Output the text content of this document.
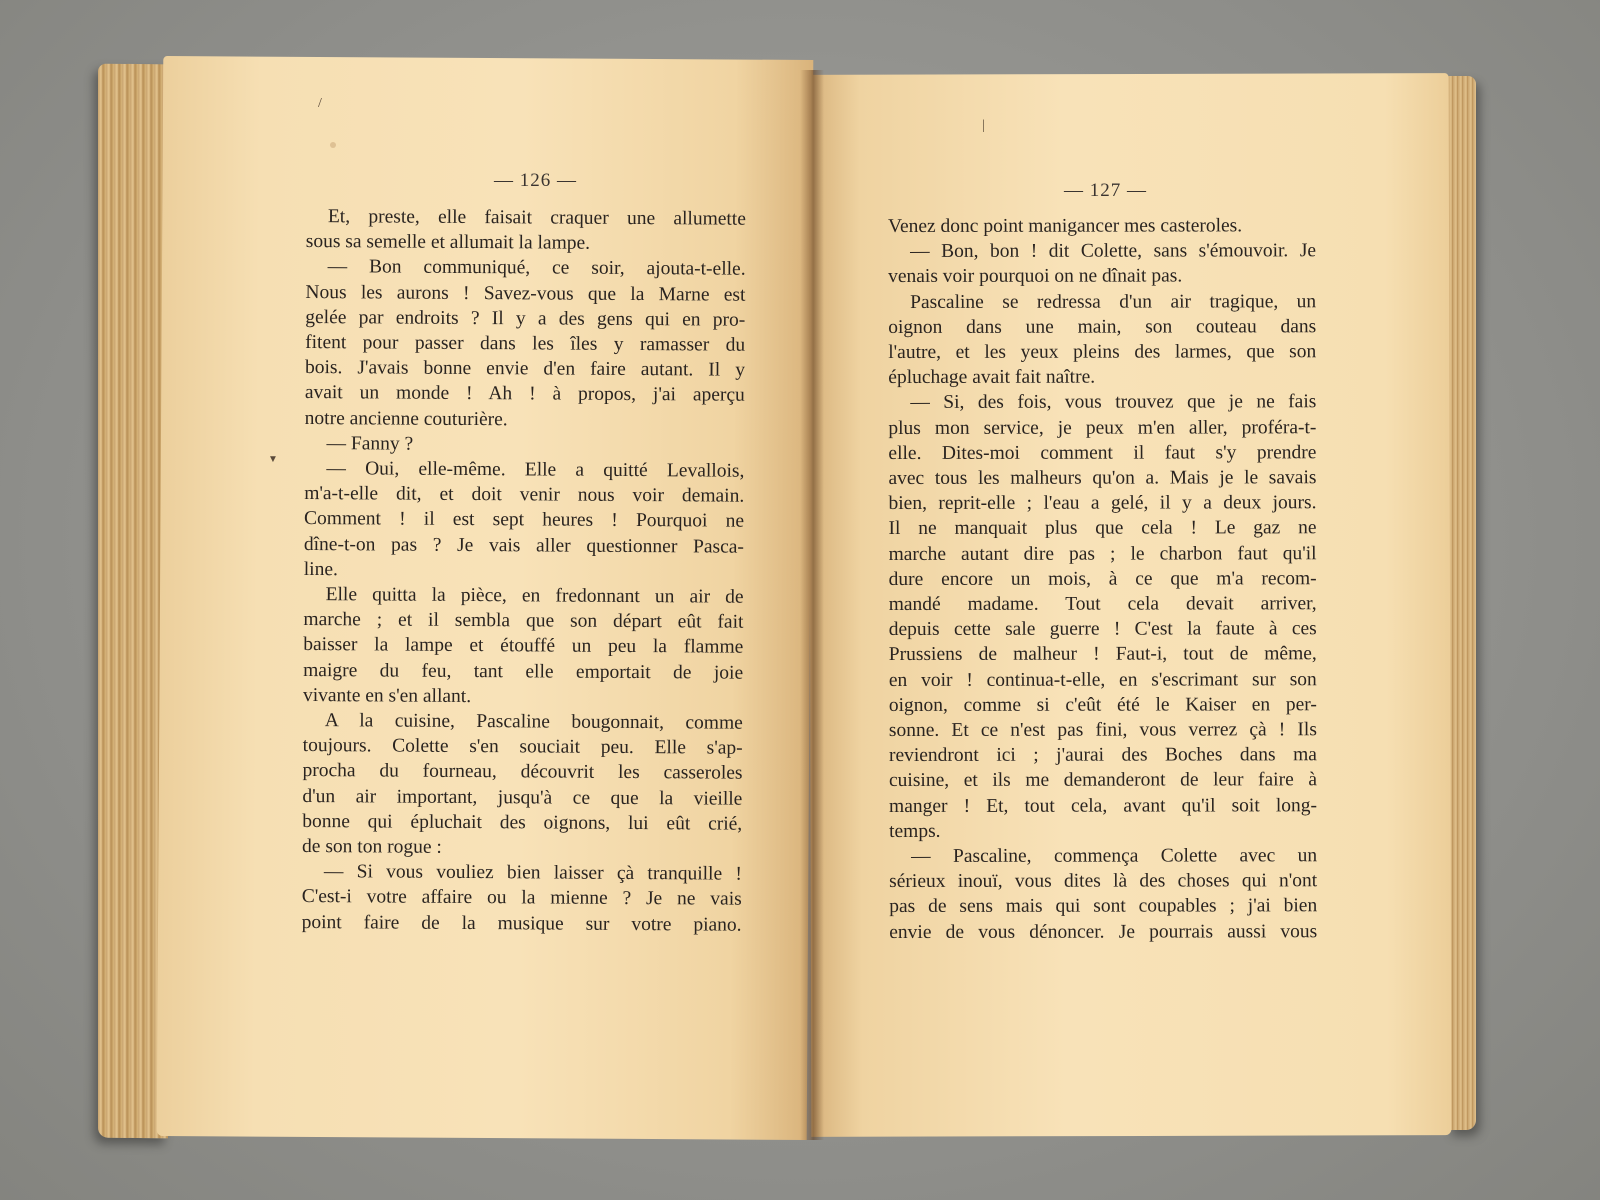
/
▼
|
— 126 —	— 127 —
Et, preste, elle faisait craquer une allumette
sous sa semelle et allumait la lampe.
— Bon communiqué, ce soir, ajouta-t-elle.
Nous les aurons ! Savez-vous que la Marne est
gelée par endroits ? Il y a des gens qui en pro-
fitent pour passer dans les îles y ramasser du
bois. J'avais bonne envie d'en faire autant. Il y
avait un monde ! Ah ! à propos, j'ai aperçu
notre ancienne couturière.
— Fanny ?
— Oui, elle-même. Elle a quitté Levallois,
m'a-t-elle dit, et doit venir nous voir demain.
Comment ! il est sept heures ! Pourquoi ne
dîne-t-on pas ? Je vais aller questionner Pasca-
line.
Elle quitta la pièce, en fredonnant un air de
marche ; et il sembla que son départ eût fait
baisser la lampe et étouffé un peu la flamme
maigre du feu, tant elle emportait de joie
vivante en s'en allant.
A la cuisine, Pascaline bougonnait, comme
toujours. Colette s'en souciait peu. Elle s'ap-
procha du fourneau, découvrit les casseroles
d'un air important, jusqu'à ce que la vieille
bonne qui épluchait des oignons, lui eût crié,
de son ton rogue :
— Si vous vouliez bien laisser çà tranquille !
C'est-i votre affaire ou la mienne ? Je ne vais
point faire de la musique sur votre piano.
Venez donc point manigancer mes casteroles.
— Bon, bon ! dit Colette, sans s'émouvoir. Je
venais voir pourquoi on ne dînait pas.
Pascaline se redressa d'un air tragique, un
oignon dans une main, son couteau dans
l'autre, et les yeux pleins des larmes, que son
épluchage avait fait naître.
— Si, des fois, vous trouvez que je ne fais
plus mon service, je peux m'en aller, proféra-t-
elle. Dites-moi comment il faut s'y prendre
avec tous les malheurs qu'on a. Mais je le savais
bien, reprit-elle ; l'eau a gelé, il y a deux jours.
Il ne manquait plus que cela ! Le gaz ne
marche autant dire pas ; le charbon faut qu'il
dure encore un mois, à ce que m'a recom-
mandé madame. Tout cela devait arriver,
depuis cette sale guerre ! C'est la faute à ces
Prussiens de malheur ! Faut-i, tout de même,
en voir ! continua-t-elle, en s'escrimant sur son
oignon, comme si c'eût été le Kaiser en per-
sonne. Et ce n'est pas fini, vous verrez çà ! Ils
reviendront ici ; j'aurai des Boches dans ma
cuisine, et ils me demanderont de leur faire à
manger ! Et, tout cela, avant qu'il soit long-
temps.
— Pascaline, commença Colette avec un
sérieux inouï, vous dites là des choses qui n'ont
pas de sens mais qui sont coupables ; j'ai bien
envie de vous dénoncer. Je pourrais aussi vous
